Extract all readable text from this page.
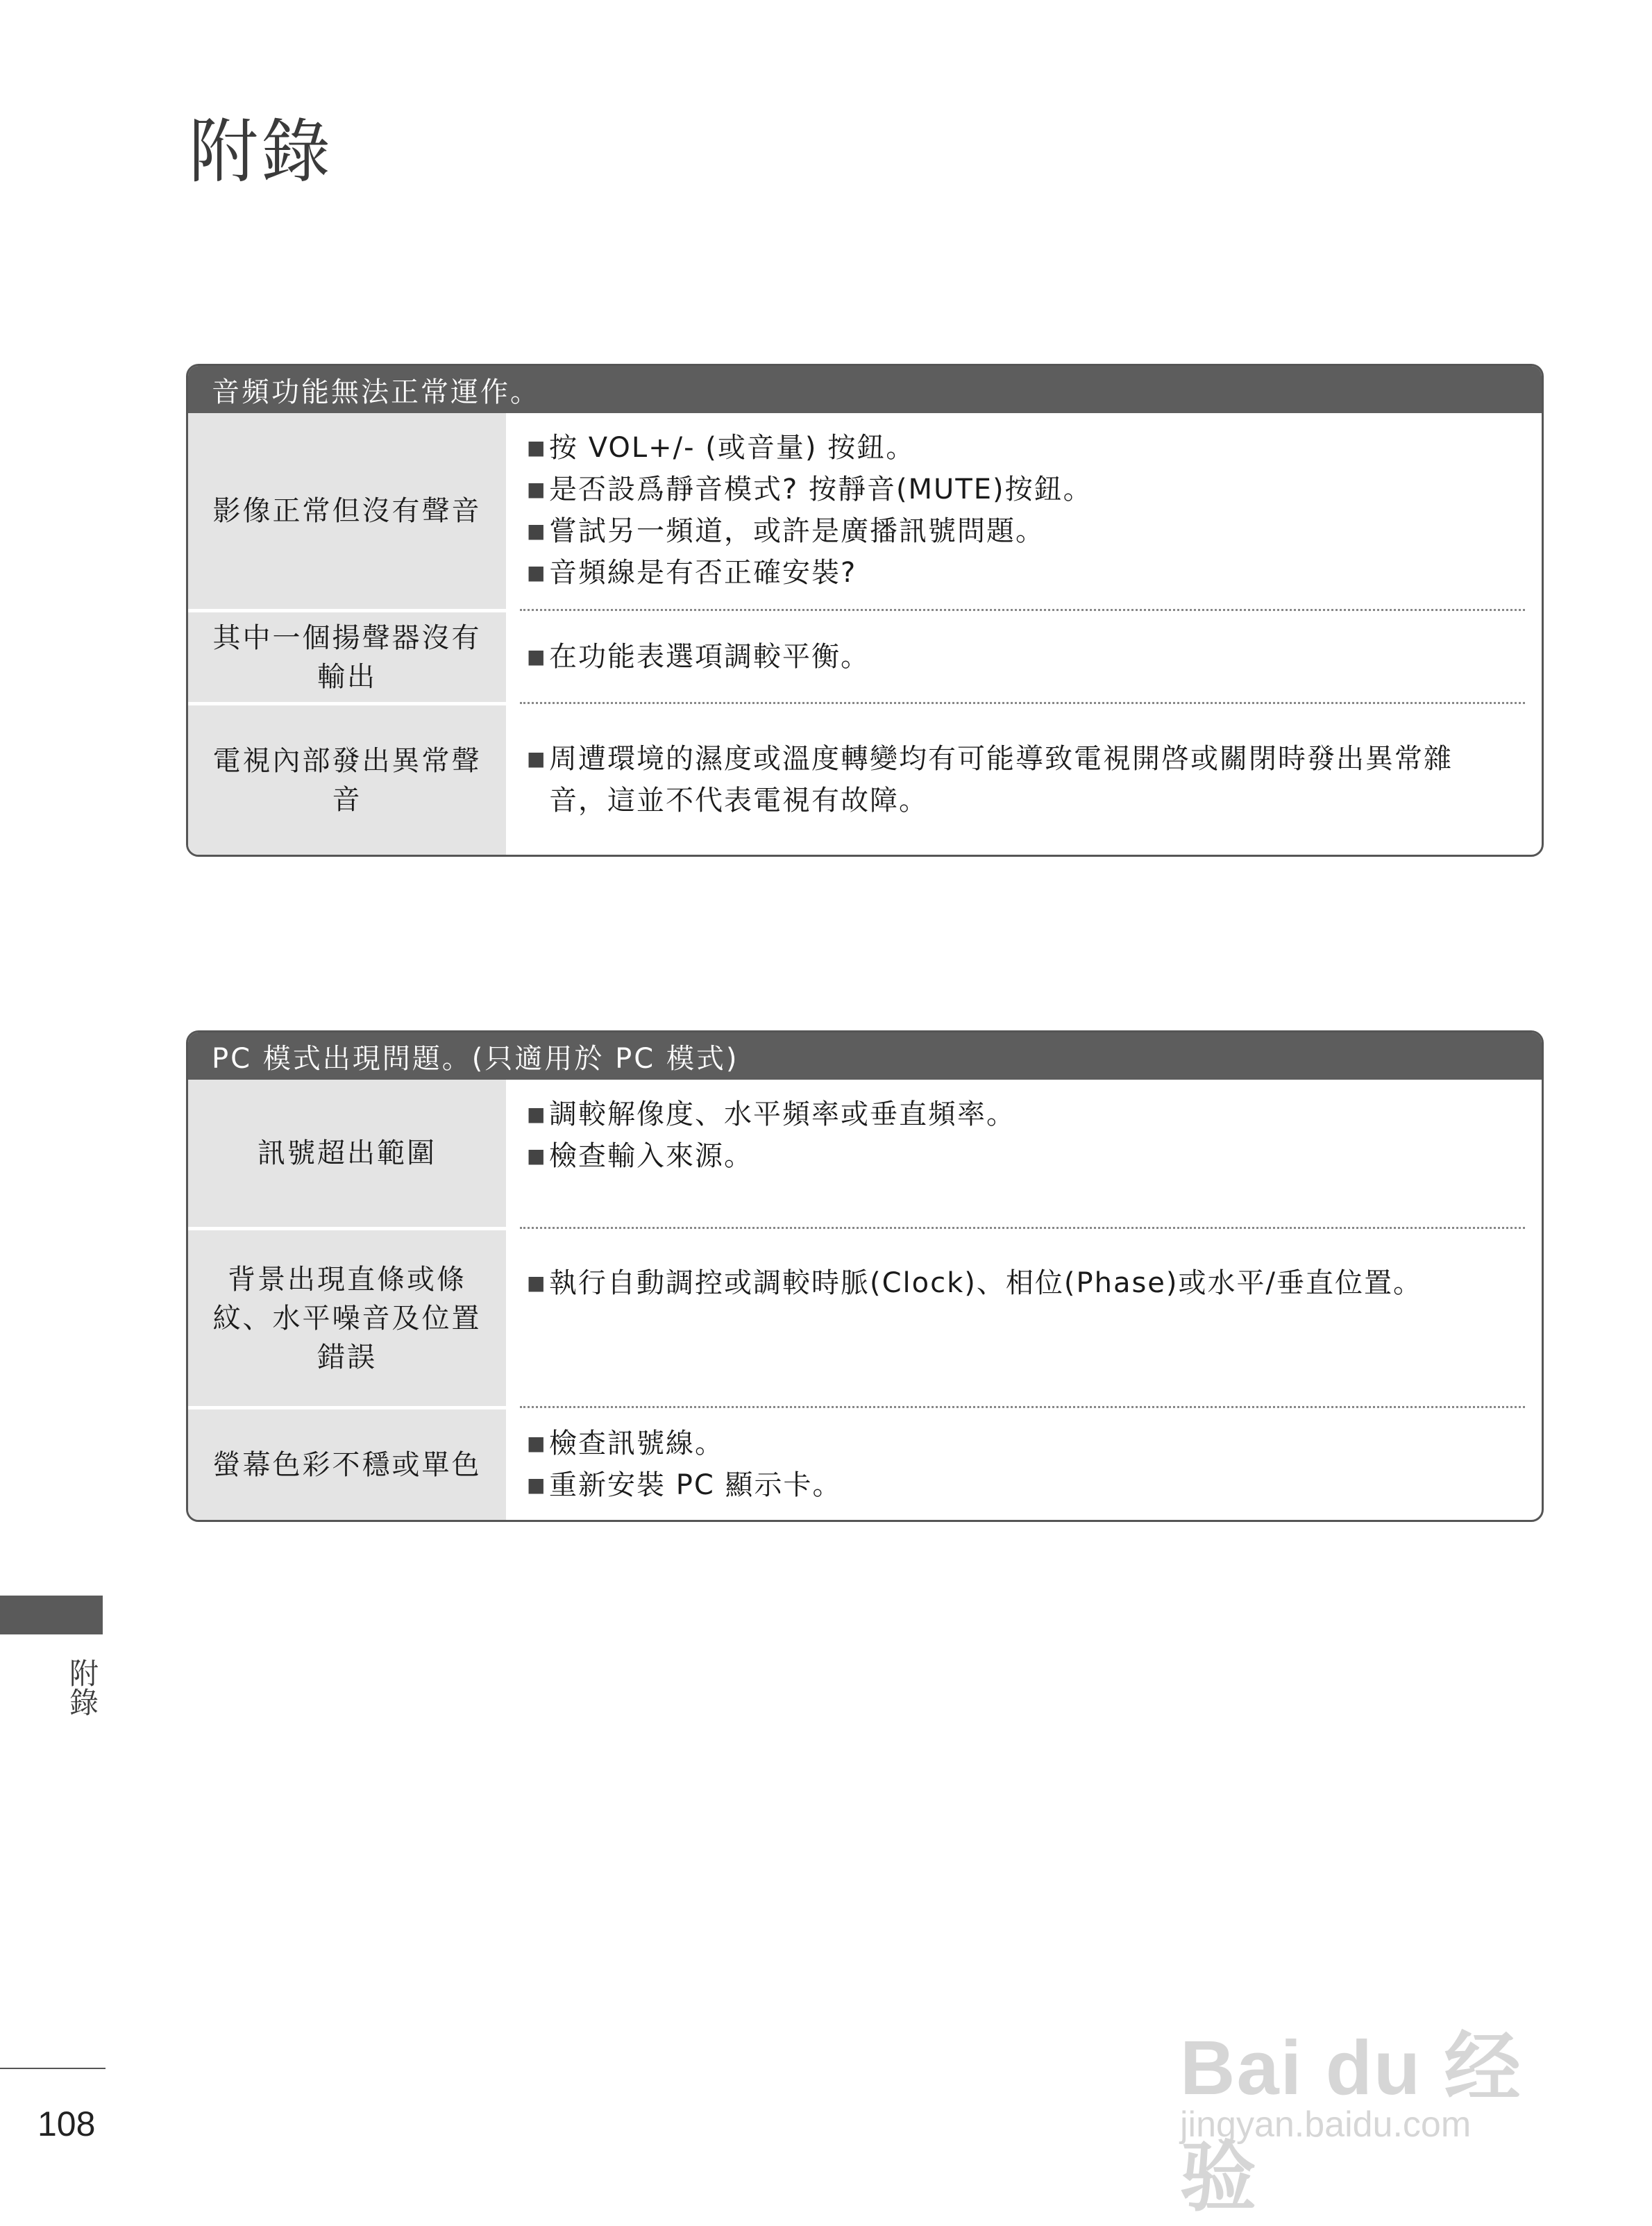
附錄
音頻功能無法正常運作。
影像正常但沒有聲音
■ 按 VOL+/- (或音量) 按鈕。
■ 是否設爲靜音模式? 按靜音(MUTE)按鈕。
■ 嘗試另一頻道，或許是廣播訊號問題。
■ 音頻線是有否正確安裝?
其中一個揚聲器沒有輸出
■ 在功能表選項調較平衡。
電視內部發出異常聲音
■ 周遭環境的濕度或溫度轉變均有可能導致電視開啓或關閉時發出異常雜音，這並不代表電視有故障。
PC 模式出現問題。(只適用於 PC 模式)
訊號超出範圍
■ 調較解像度、水平頻率或垂直頻率。
■ 檢查輸入來源。
背景出現直條或條紋、水平噪音及位置錯誤
■ 執行自動調控或調較時脈(Clock)、相位(Phase)或水平/垂直位置。
螢幕色彩不穩或單色
■ 檢查訊號線。
■ 重新安裝 PC 顯示卡。
附錄
108
Bai du 经验
jingyan.baidu.com
